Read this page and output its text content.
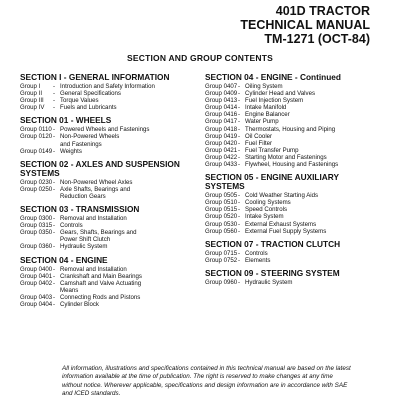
401D TRACTOR
TECHNICAL MANUAL
TM-1271 (OCT-84)
SECTION AND GROUP CONTENTS
SECTION I - GENERAL INFORMATION
Group I	- Introduction and Safety Information
Group II	- General Specifications
Group III	- Torque Values
Group IV	- Fuels and Lubricants
SECTION 01 - WHEELS
Group 0110 - Powered Wheels and Fastenings
Group 0120 - Non-Powered Wheels
and Fastenings
Group 0149 - Weights
SECTION 02 - AXLES AND SUSPENSION
SYSTEMS
Group 0230 - Non-Powered Wheel Axles
Group 0250 - Axle Shafts, Bearings and
Reduction Gears
SECTION 03 - TRANSMISSION
Group 0300 - Removal and Installation
Group 0315 - Controls
Group 0350 - Gears, Shafts, Bearings and
Power Shift Clutch
Group 0360 - Hydraulic System
SECTION 04 - ENGINE
Group 0400 - Removal and Installation
Group 0401 - Crankshaft and Main Bearings
Group 0402 - Camshaft and Valve Actuating
Means
Group 0403 - Connecting Rods and Pistons
Group 0404 - Cylinder Block
SECTION 04 - ENGINE - Continued
Group 0407 - Oiling System
Group 0409 - Cylinder Head and Valves
Group 0413 - Fuel Injection System
Group 0414 - Intake Manifold
Group 0416 - Engine Balancer
Group 0417 - Water Pump
Group 0418 - Thermostats, Housing and Piping
Group 0419 - Oil Cooler
Group 0420 - Fuel Filter
Group 0421 - Fuel Transfer Pump
Group 0422 - Starting Motor and Fastenings
Group 0433 - Flywheel, Housing and Fastenings
SECTION 05 - ENGINE AUXILIARY
SYSTEMS
Group 0505 - Cold Weather Starting Aids
Group 0510 - Cooling Systems
Group 0515 - Speed Controls
Group 0520 - Intake System
Group 0530 - External Exhaust Systems
Group 0560 - External Fuel Supply Systems
SECTION 07 - TRACTION CLUTCH
Group 0715 - Controls
Group 0752 - Elements
SECTION 09 - STEERING SYSTEM
Group 0960 - Hydraulic System
All information, illustrations and specifications contained in this technical manual are based on the latest information available at the time of publication. The right is reserved to make changes at any time without notice. Wherever applicable, specifications and design information are in accordance with SAE and ICED standards.
